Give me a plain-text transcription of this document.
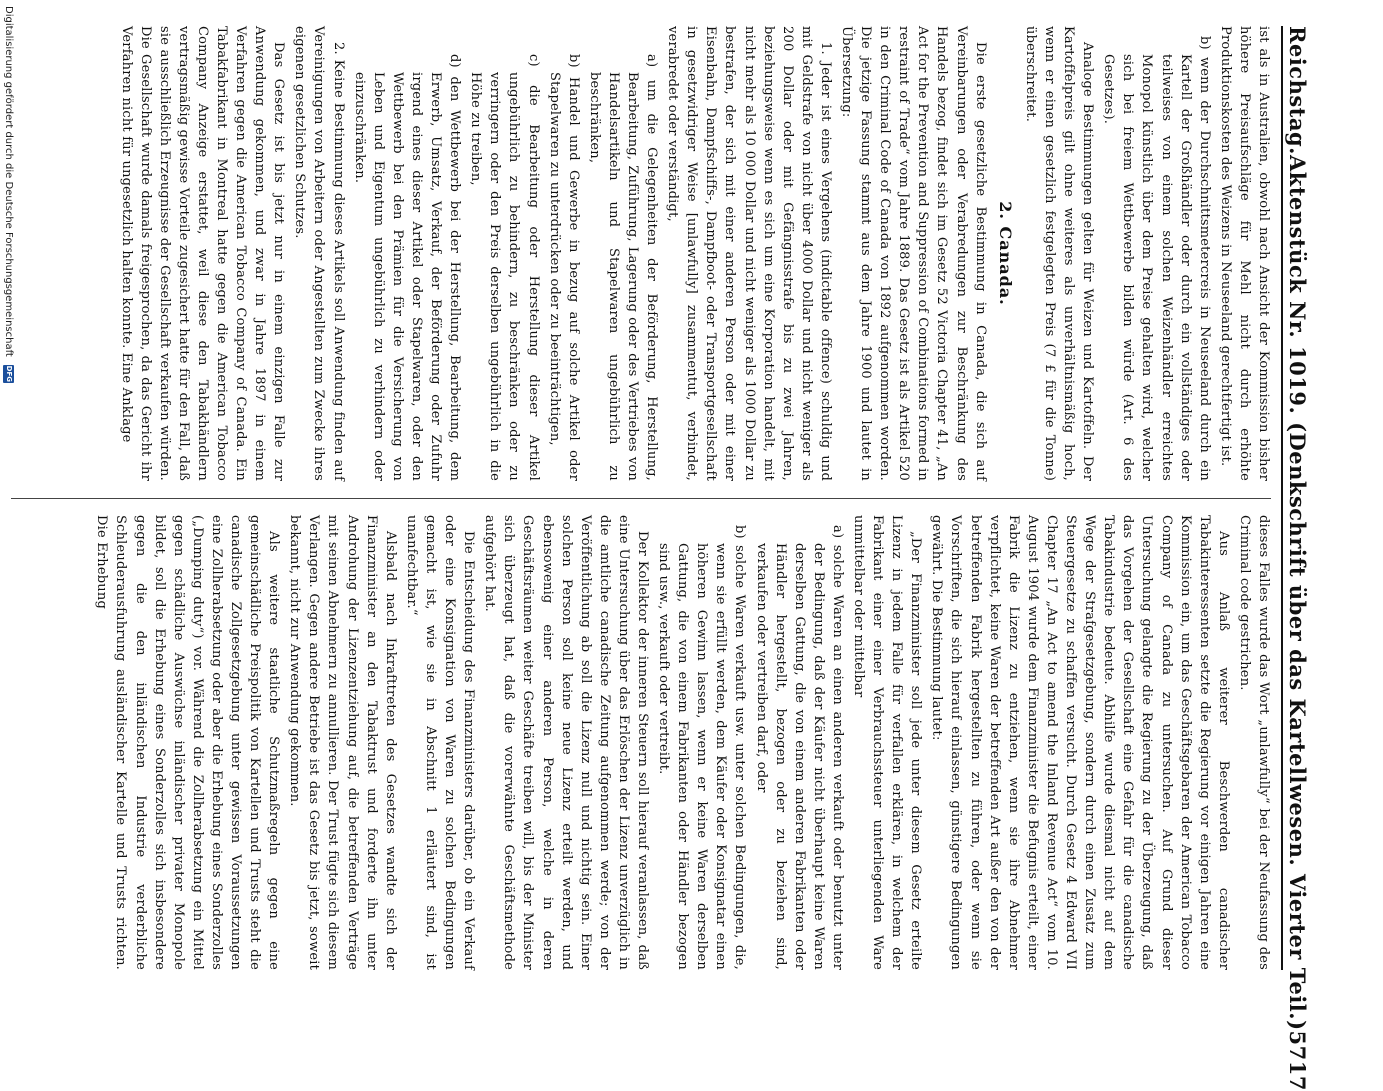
Reichstag.
Aktenstück Nr. 1019. (Denkschrift über das Kartellwesen. Vierter Teil.)
5717

ist als in Australien, obwohl nach Ansicht der Kommission bisher höhere Preisaufschläge für Mehl nicht durch erhöhte Produktionskosten des Weizens in Neuseeland gerechtfertigt ist.

b) wenn der Durchschnittsmetercreis in Neuseeland durch ein Kartell der Großhändler oder durch ein vollständiges oder teilweises von einem solchen Weizenhändler erreichtes Monopol künstlich über dem Preise gehalten wird, welcher sich bei freiem Wettbewerbe bilden würde (Art. 6 des Gesetzes).

Analoge Bestimmungen gelten für Weizen und Kartoffeln. Der Kartoffelpreis gilt ohne weiteres als unverhältnismäßig hoch, wenn er einen gesetzlich festgelegten Preis (7 £ für die Tonne) überschreitet.

2. Canada.

Die erste gesetzliche Bestimmung in Canada, die sich auf Vereinbarungen oder Verabredungen zur Beschränkung des Handels bezog, findet sich im Gesetz 52 Victoria Chapter 41, „An Act for the Prevention and Suppression of Combinations formed in restraint of Trade“ vom Jahre 1889. Das Gesetz ist als Artikel 520 in den Criminal Code of Canada von 1892 aufgenommen worden. Die jetzige Fassung stammt aus dem Jahre 1900 und lautet in Übersetzung:

1. Jeder ist eines Vergehens (indictable offence) schuldig und mit Geldstrafe von nicht über 4000 Dollar und nicht weniger als 200 Dollar oder mit Gefängnisstrafe bis zu zwei Jahren, beziehungsweise wenn es sich um eine Korporation handelt, mit nicht mehr als 10 000 Dollar und nicht weniger als 1000 Dollar zu bestrafen, der sich mit einer anderen Person oder mit einer Eisenbahn, Dampfschiffs-, Dampfboot- oder Transportgesellschaft in gesetzwidriger Weise [unlawfully] zusammentut, verbindet, verabredet oder verständigt,

a) um die Gelegenheiten der Beförderung, Herstellung, Bearbeitung, Zuführung, Lagerung oder des Vertriebes von Handelsartikeln und Stapelwaren ungebührlich zu beschränken,

b) Handel und Gewerbe in bezug auf solche Artikel oder Stapelwaren zu unterdrücken oder zu beeinträchtigen,

c) die Bearbeitung oder Herstellung dieser Artikel ungebührlich zu behindern, zu beschränken oder zu verringern oder den Preis derselben ungebührlich in die Höhe zu treiben,

d) den Wettbewerb bei der Herstellung, Bearbeitung, dem Erwerb, Umsatz, Verkauf, der Beförderung oder Zufuhr irgend eines dieser Artikel oder Stapelwaren, oder den Wettbewerb bei den Prämien für die Versicherung von Leben und Eigentum ungebührlich zu verhindern oder einzuschränken.

2. Keine Bestimmung dieses Artikels soll Anwendung finden auf Vereinigungen von Arbeitern oder Angestellten zum Zwecke ihres eigenen gesetzlichen Schutzes.

Das Gesetz ist bis jetzt nur in einem einzigen Falle zur Anwendung gekommen, und zwar in Jahre 1897 in einem Verfahren gegen die American Tobacco Company of Canada. Ein Tabakfabrikant in Montreal hatte gegen die American Tobacco Company Anzeige erstattet, weil diese den Tabakhändlern vertragsmäßig gewisse Vorteile zugesichert hatte für den Fall, daß sie ausschließlich Erzeugnisse der Gesellschaft verkaufen würden. Die Gesellschaft wurde damals freigesprochen, da das Gericht ihr Verfahren nicht für ungesetzlich halten konnte. Eine Anklage

dieses Falles wurde das Wort „unlawfully“ bei der Neufassung des Criminal code gestrichen.

Aus Anlaß weiterer Beschwerden canadischer Tabakinteressenten setzte die Regierung vor einigen Jahren eine Kommission ein, um das Geschäftsgebaren der American Tobacco Company of Canada zu untersuchen. Auf Grund dieser Untersuchung gelangte die Regierung zu der Überzeugung, daß das Vorgehen der Gesellschaft eine Gefahr für die canadische Tabakindustrie bedeute. Abhilfe wurde diesmal nicht auf dem Wege der Strafgesetzgebung, sondern durch einen Zusatz zum Steuergesetze zu schaffen versucht. Durch Gesetz 4 Edward VII Chapter 17 „An Act to amend the Inland Revenue Act“ vom 10. August 1904 wurde dem Finanzminister die Befugnis erteilt, einer Fabrik die Lizenz zu entziehen, wenn sie ihre Abnehmer verpflichtet, keine Waren der betreffenden Art außer den von der betreffenden Fabrik hergestellten zu führen, oder wenn sie Vorschriften, die sich hierauf einlassen, günstigere Bedingungen gewährt. Die Bestimmung lautet:

„Der Finanzminister soll jede unter diesem Gesetz erteilte Lizenz in jedem Falle für verfallen erklären, in welchem der Fabrikant einer einer Verbrauchssteuer unterliegenden Ware unmittelbar oder mittelbar

a) solche Waren an einen anderen verkauft oder benutzt unter der Bedingung, daß der Käufer nicht überhaupt keine Waren derselben Gattung, die von einem anderen Fabrikanten oder Händler hergestellt, bezogen oder zu beziehen sind, verkaufen oder vertreiben darf, oder

b) solche Waren verkauft usw. unter solchen Bedingungen, die, wenn sie erfüllt werden, dem Käufer oder Konsignatar einen höheren Gewinn lassen, wenn er keine Waren derselben Gattung, die von einem Fabrikanten oder Händler bezogen sind usw., verkauft oder vertreibt.

Der Kollektor der inneren Steuern soll hierauf veranlassen, daß eine Untersuchung über das Erlöschen der Lizenz unverzüglich in die amtliche canadische Zeitung aufgenommen werde; von der Veröffentlichung ab soll die Lizenz null und nichtig sein. Einer solchen Person soll keine neue Lizenz erteilt werden, und ebensowenig einer anderen Person, welche in deren Geschäftsräumen weiter Geschäfte treiben will, bis der Minister sich überzeugt hat, daß die vorerwähnte Geschäftsmethode aufgehört hat.

Die Entscheidung des Finanzministers darüber, ob ein Verkauf oder eine Konsignation von Waren zu solchen Bedingungen gemacht ist, wie sie in Abschnitt 1 erläutert sind, ist unanfechtbar.“

Alsbald nach Inkrafttreten des Gesetzes wandte sich der Finanzminister an den Tabaktrust und forderte ihn unter Androhung der Lizenzentziehung auf, die betreffenden Verträge mit seinen Abnehmern zu annullieren. Der Trust fügte sich diesem Verlangen. Gegen andere Betriebe ist das Gesetz bis jetzt, soweit bekannt, nicht zur Anwendung gekommen.

Als weitere staatliche Schutzmaßregeln gegen eine gemeinschädliche Preispolitik von Kartellen und Trusts steht die canadische Zollgesetzgebung unter gewissen Voraussetzungen eine Zollherabsetzung oder aber die Erhebung eines Sonderzolles („Dumping duty“) vor. Während die Zollherabsetzung ein Mittel gegen schädliche Auswüchse inländischer privater Monopole bildet, soll die Erhebung eines Sonderzolles sich insbesondere gegen die den inländischen Industrie verderbliche Schleuderausfuhrung ausländischer Kartelle und Trusts richten. Die Erhebung

Digitalisierung gefördert durch die Deutsche Forschungsgemeinschaft
DFG
